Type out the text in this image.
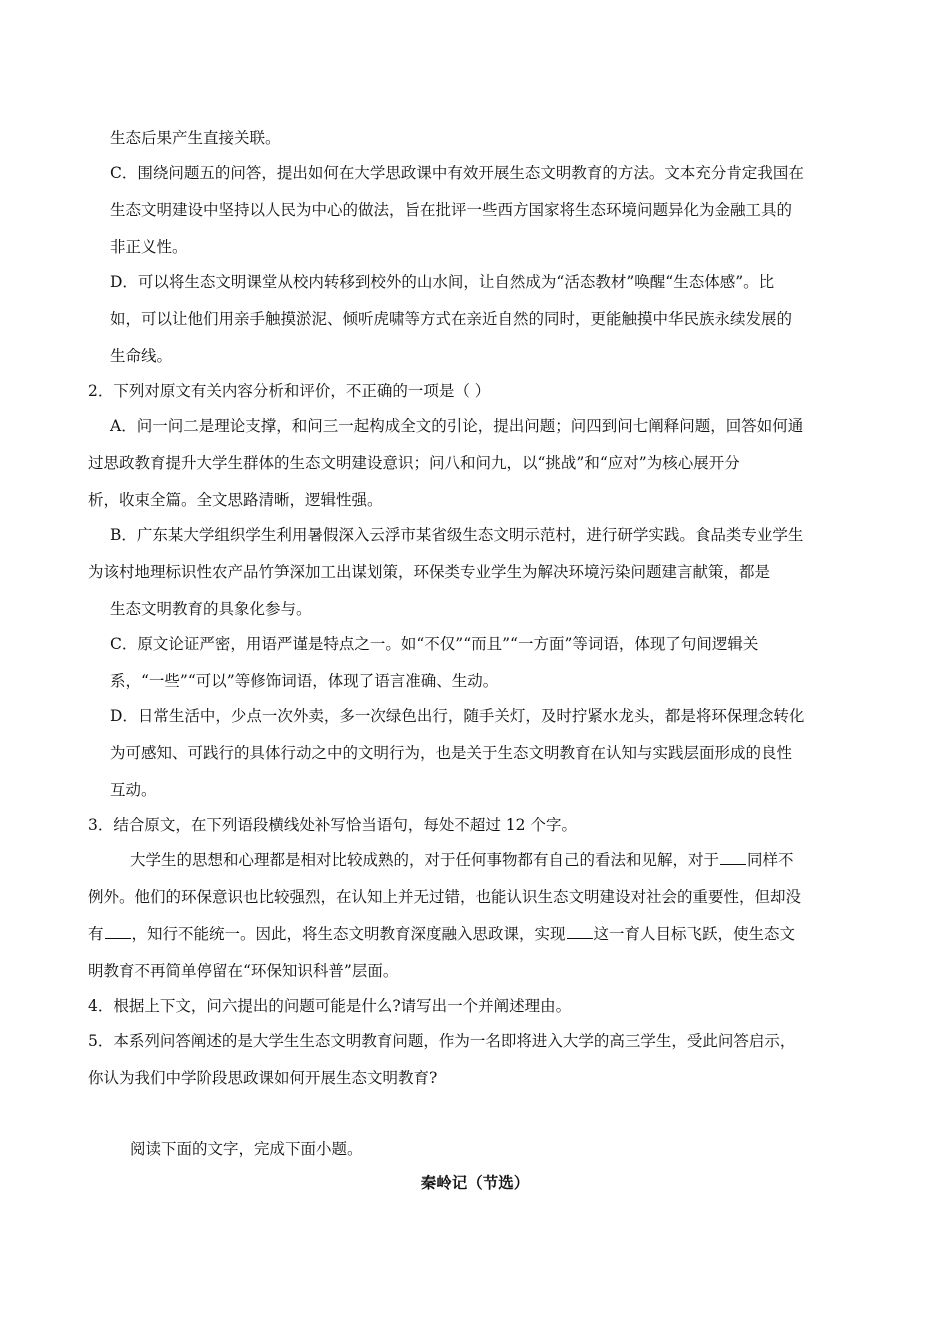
生态后果产生直接关联。
C．围绕问题五的问答，提出如何在大学思政课中有效开展生态文明教育的方法。文本充分肯定我国在
生态文明建设中坚持以人民为中心的做法，旨在批评一些西方国家将生态环境问题异化为金融工具的
非正义性。
D．可以将生态文明课堂从校内转移到校外的山水间，让自然成为“活态教材”唤醒“生态体感”。比
如，可以让他们用亲手触摸淤泥、倾听虎啸等方式在亲近自然的同时，更能触摸中华民族永续发展的
生命线。
2．下列对原文有关内容分析和评价，不正确的一项是（ ）
A．问一问二是理论支撑，和问三一起构成全文的引论，提出问题；问四到问七阐释问题，回答如何通
过思政教育提升大学生群体的生态文明建设意识；问八和问九，以“挑战”和“应对”为核心展开分
析，收束全篇。全文思路清晰，逻辑性强。
B．广东某大学组织学生利用暑假深入云浮市某省级生态文明示范村，进行研学实践。食品类专业学生
为该村地理标识性农产品竹笋深加工出谋划策，环保类专业学生为解决环境污染问题建言献策，都是
生态文明教育的具象化参与。
C．原文论证严密，用语严谨是特点之一。如“不仅”“而且”“一方面”等词语，体现了句间逻辑关
系，“一些”“可以”等修饰词语，体现了语言准确、生动。
D．日常生活中，少点一次外卖，多一次绿色出行，随手关灯，及时拧紧水龙头，都是将环保理念转化
为可感知、可践行的具体行动之中的文明行为，也是关于生态文明教育在认知与实践层面形成的良性
互动。
3．结合原文，在下列语段横线处补写恰当语句，每处不超过 12 个字。
大学生的思想和心理都是相对比较成熟的，对于任何事物都有自己的看法和见解，对于 同样不
例外。他们的环保意识也比较强烈，在认知上并无过错，也能认识生态文明建设对社会的重要性，但却没
有 ，知行不能统一。因此，将生态文明教育深度融入思政课，实现 这一育人目标飞跃，使生态文
明教育不再简单停留在“环保知识科普”层面。
4．根据上下文，问六提出的问题可能是什么?请写出一个并阐述理由。
5．本系列问答阐述的是大学生生态文明教育问题，作为一名即将进入大学的高三学生，受此问答启示，
你认为我们中学阶段思政课如何开展生态文明教育?
阅读下面的文字，完成下面小题。
秦岭记（节选）
